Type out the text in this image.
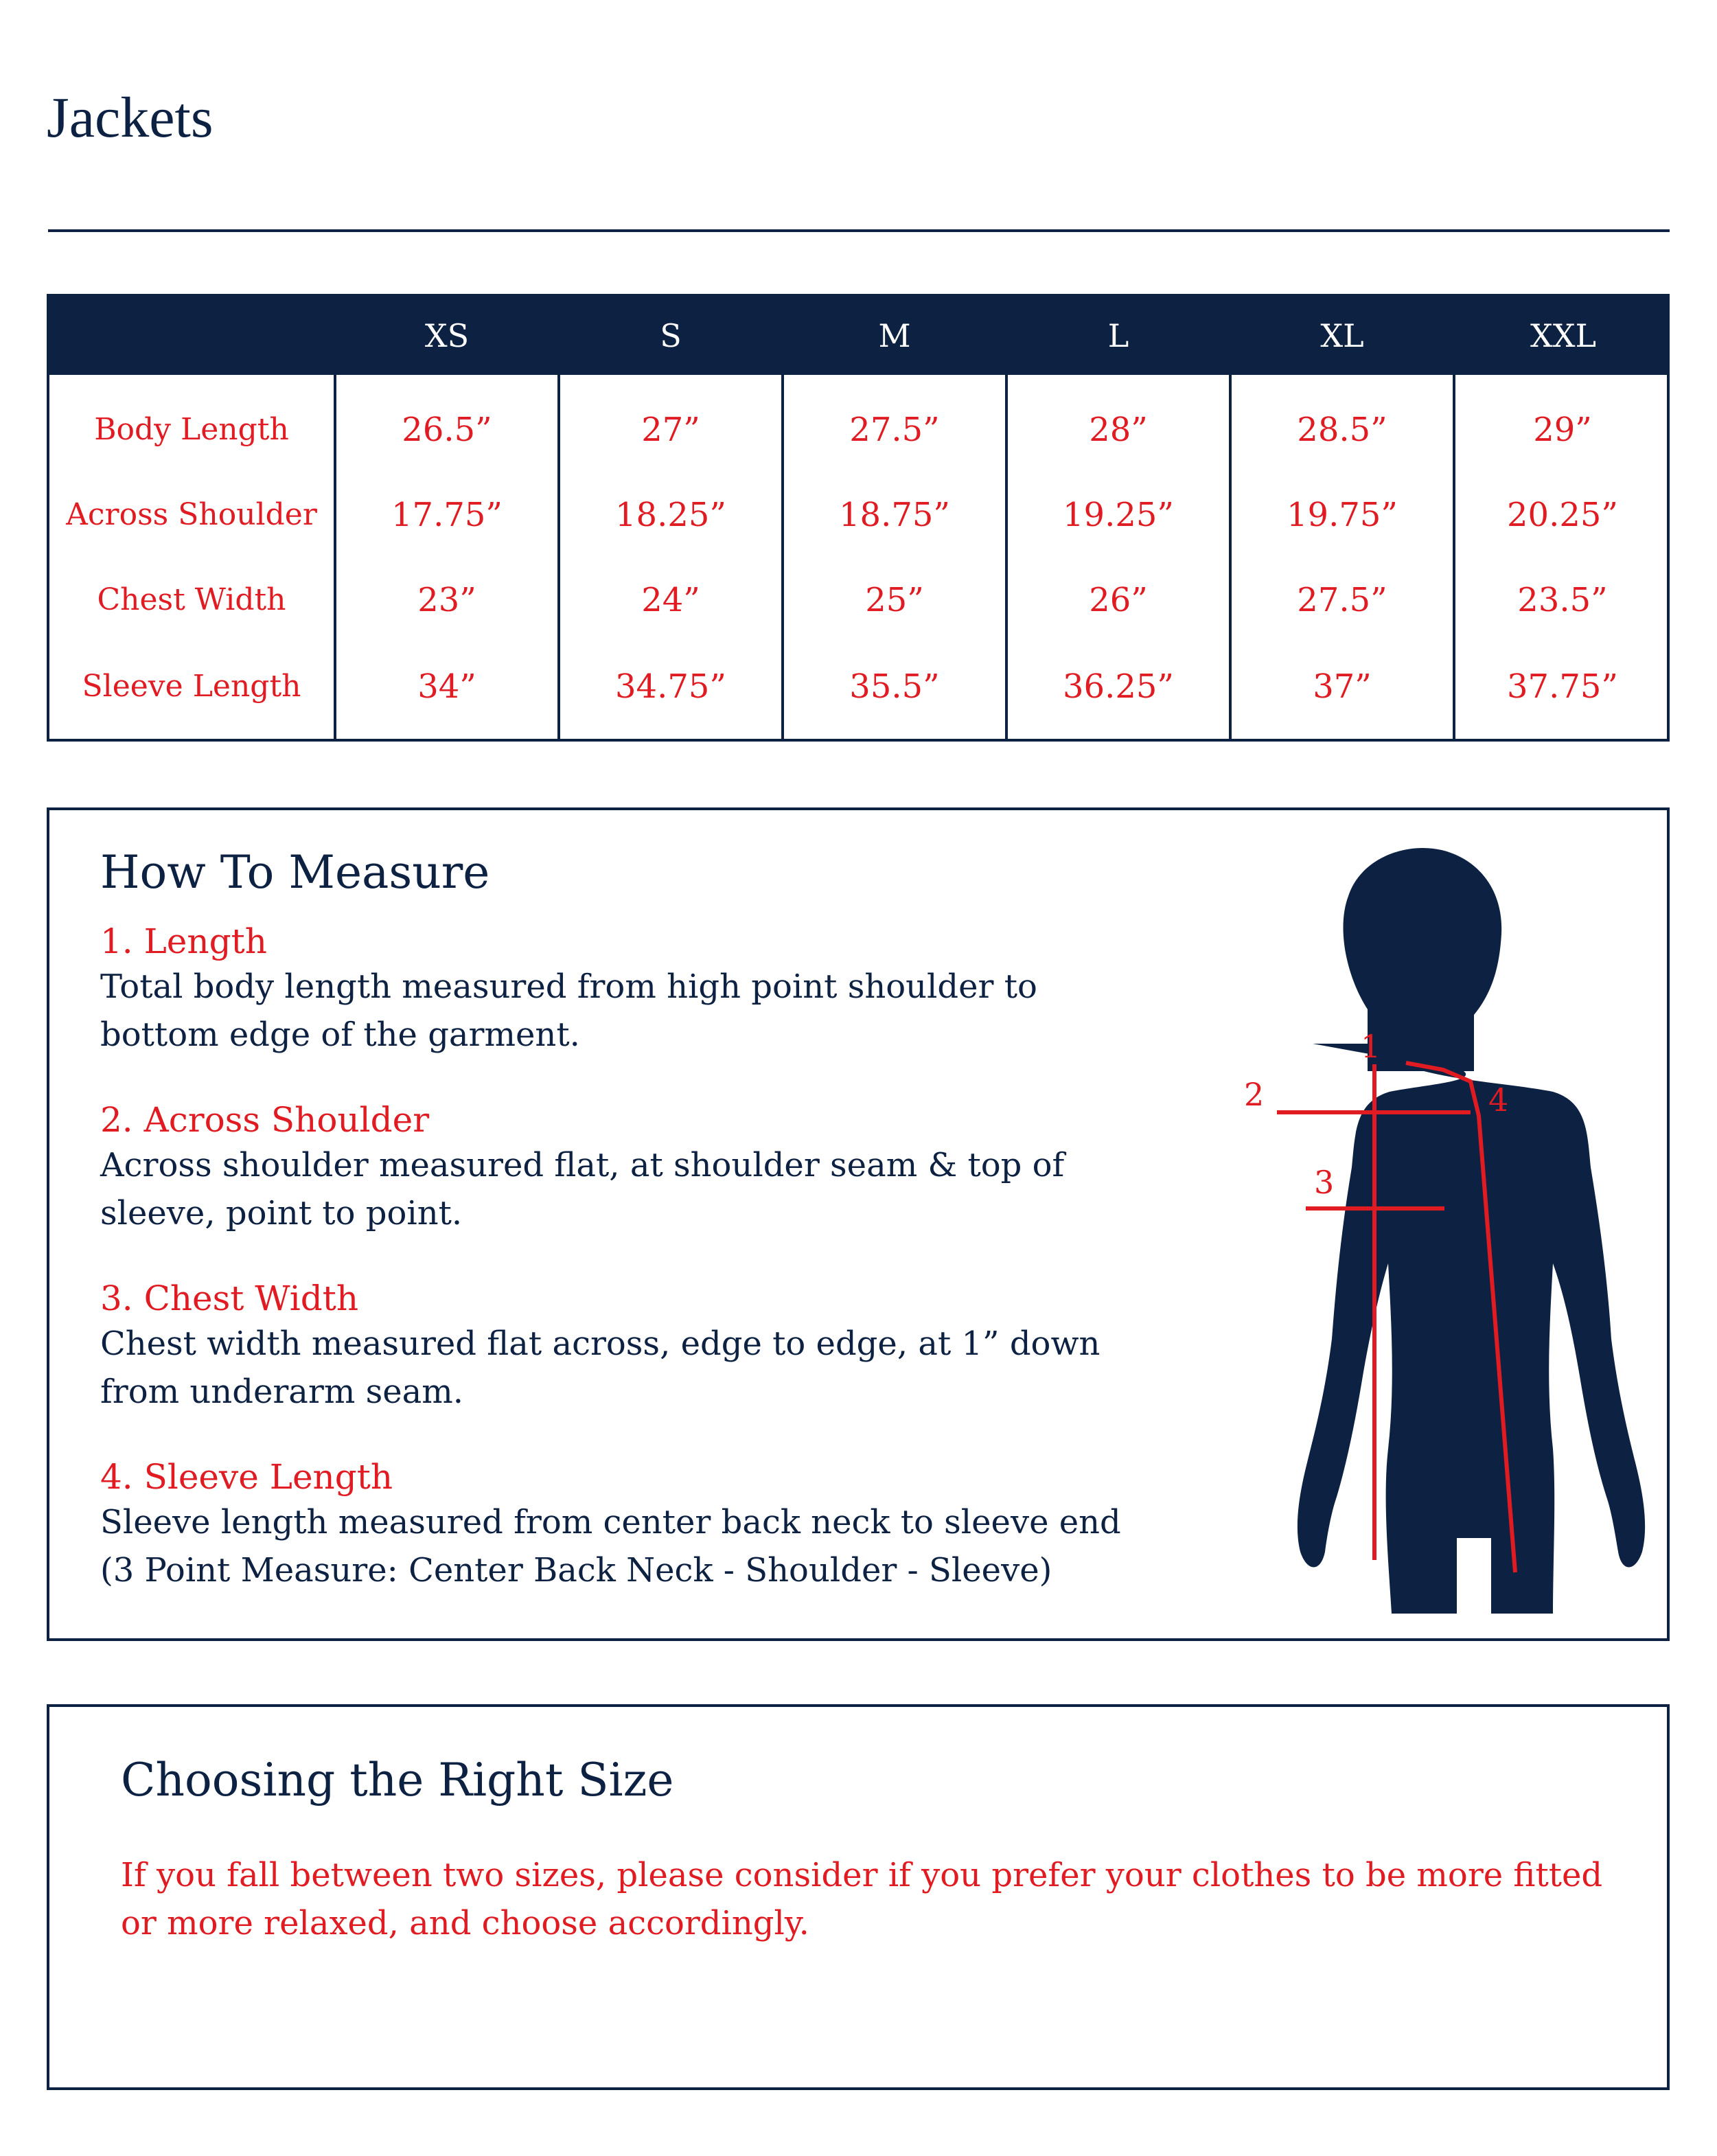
Jackets
XS	S	M	L	XL	XXL
Body Length	26.5”	27”	27.5”	28”	28.5”	29”
Across Shoulder	17.75”	18.25”	18.75”	19.25”	19.75”	20.25”
Chest Width	23”	24”	25”	26”	27.5”	23.5”
Sleeve Length	34”	34.75”	35.5”	36.25”	37”	37.75”
How To Measure
1. Length
Total body length measured from high point shoulder to bottom edge of the garment.
2. Across Shoulder
Across shoulder measured flat, at shoulder seam & top of sleeve, point to point.
3. Chest Width
Chest width measured flat across, edge to edge, at 1” down from underarm seam.
4. Sleeve Length
Sleeve length measured from center back neck to sleeve end (3 Point Measure: Center Back Neck - Shoulder - Sleeve)
1
2
3
4
Choosing the Right Size
If you fall between two sizes, please consider if you prefer your clothes to be more fitted or more relaxed, and choose accordingly.
